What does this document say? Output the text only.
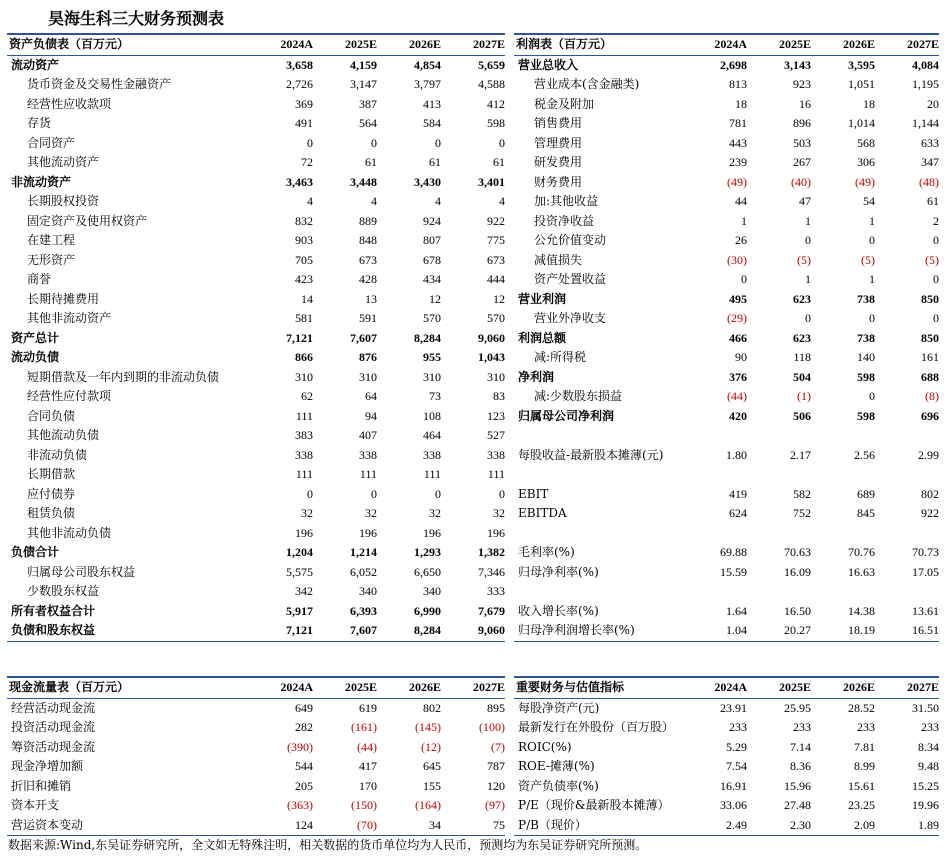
昊海生科三大财务预测表
资产负债表（百万元）	2024A	2025E	2026E	2027E
流动资产	3,658	4,159	4,854	5,659
货币资金及交易性金融资产	2,726	3,147	3,797	4,588
经营性应收款项	369	387	413	412
存货	491	564	584	598
合同资产	0	0	0	0
其他流动资产	72	61	61	61
非流动资产	3,463	3,448	3,430	3,401
长期股权投资	4	4	4	4
固定资产及使用权资产	832	889	924	922
在建工程	903	848	807	775
无形资产	705	673	678	673
商誉	423	428	434	444
长期待摊费用	14	13	12	12
其他非流动资产	581	591	570	570
资产总计	7,121	7,607	8,284	9,060
流动负债	866	876	955	1,043
短期借款及一年内到期的非流动负债	310	310	310	310
经营性应付款项	62	64	73	83
合同负债	111	94	108	123
其他流动负债	383	407	464	527
非流动负债	338	338	338	338
长期借款	111	111	111	111
应付债券	0	0	0	0
租赁负债	32	32	32	32
其他非流动负债	196	196	196	196
负债合计	1,204	1,214	1,293	1,382
归属母公司股东权益	5,575	6,052	6,650	7,346
少数股东权益	342	340	340	333
所有者权益合计	5,917	6,393	6,990	7,679
负债和股东权益	7,121	7,607	8,284	9,060
利润表（百万元）	2024A	2025E	2026E	2027E
营业总收入	2,698	3,143	3,595	4,084
营业成本(含金融类)	813	923	1,051	1,195
税金及附加	18	16	18	20
销售费用	781	896	1,014	1,144
管理费用	443	503	568	633
研发费用	239	267	306	347
财务费用	(49)	(40)	(49)	(48)
加:其他收益	44	47	54	61
投资净收益	1	1	1	2
公允价值变动	26	0	0	0
减值损失	(30)	(5)	(5)	(5)
资产处置收益	0	1	1	0
营业利润	495	623	738	850
营业外净收支	(29)	0	0	0
利润总额	466	623	738	850
减:所得税	90	118	140	161
净利润	376	504	598	688
减:少数股东损益	(44)	(1)	0	(8)
归属母公司净利润	420	506	598	696

每股收益-最新股本摊薄(元)	1.80	2.17	2.56	2.99

EBIT	419	582	689	802
EBITDA	624	752	845	922

毛利率(%)	69.88	70.63	70.76	70.73
归母净利率(%)	15.59	16.09	16.63	17.05

收入增长率(%)	1.64	16.50	14.38	13.61
归母净利润增长率(%)	1.04	20.27	18.19	16.51
现金流量表（百万元）	2024A	2025E	2026E	2027E
经营活动现金流	649	619	802	895
投资活动现金流	282	(161)	(145)	(100)
筹资活动现金流	(390)	(44)	(12)	(7)
现金净增加额	544	417	645	787
折旧和摊销	205	170	155	120
资本开支	(363)	(150)	(164)	(97)
营运资本变动	124	(70)	34	75
重要财务与估值指标	2024A	2025E	2026E	2027E
每股净资产(元)	23.91	25.95	28.52	31.50
最新发行在外股份（百万股）	233	233	233	233
ROIC(%)	5.29	7.14	7.81	8.34
ROE-摊薄(%)	7.54	8.36	8.99	9.48
资产负债率(%)	16.91	15.96	15.61	15.25
P/E（现价&最新股本摊薄）	33.06	27.48	23.25	19.96
P/B（现价）	2.49	2.30	2.09	1.89
数据来源:Wind,东吴证券研究所，全文如无特殊注明，相关数据的货币单位均为人民币，预测均为东吴证券研究所预测。
